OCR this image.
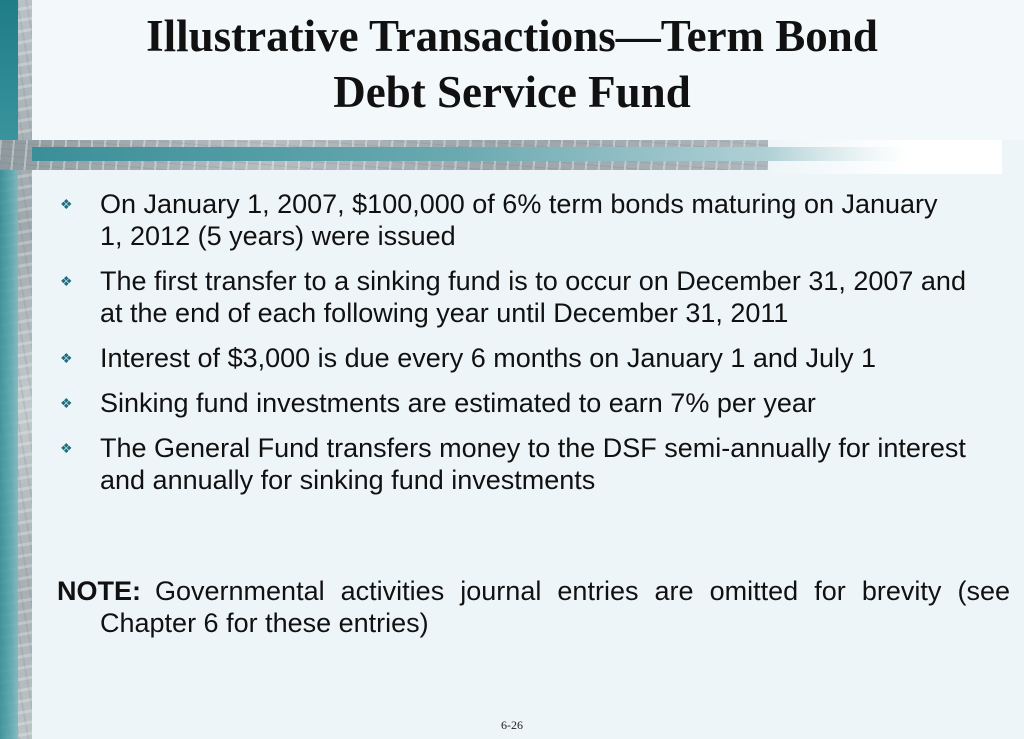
Illustrative Transactions—Term Bond
Debt Service Fund
❖ On January 1, 2007, $100,000 of 6% term bonds maturing on January 1, 2012 (5 years) were issued
❖ The first transfer to a sinking fund is to occur on December 31, 2007 and at the end of each following year until December 31, 2011
❖ Interest of $3,000 is due every 6 months on January 1 and July 1
❖ Sinking fund investments are estimated to earn 7% per year
❖ The General Fund transfers money to the DSF semi-annually for interest and annually for sinking fund investments
NOTE: Governmental activities journal entries are omitted for brevity (see Chapter 6 for these entries)
6-26
